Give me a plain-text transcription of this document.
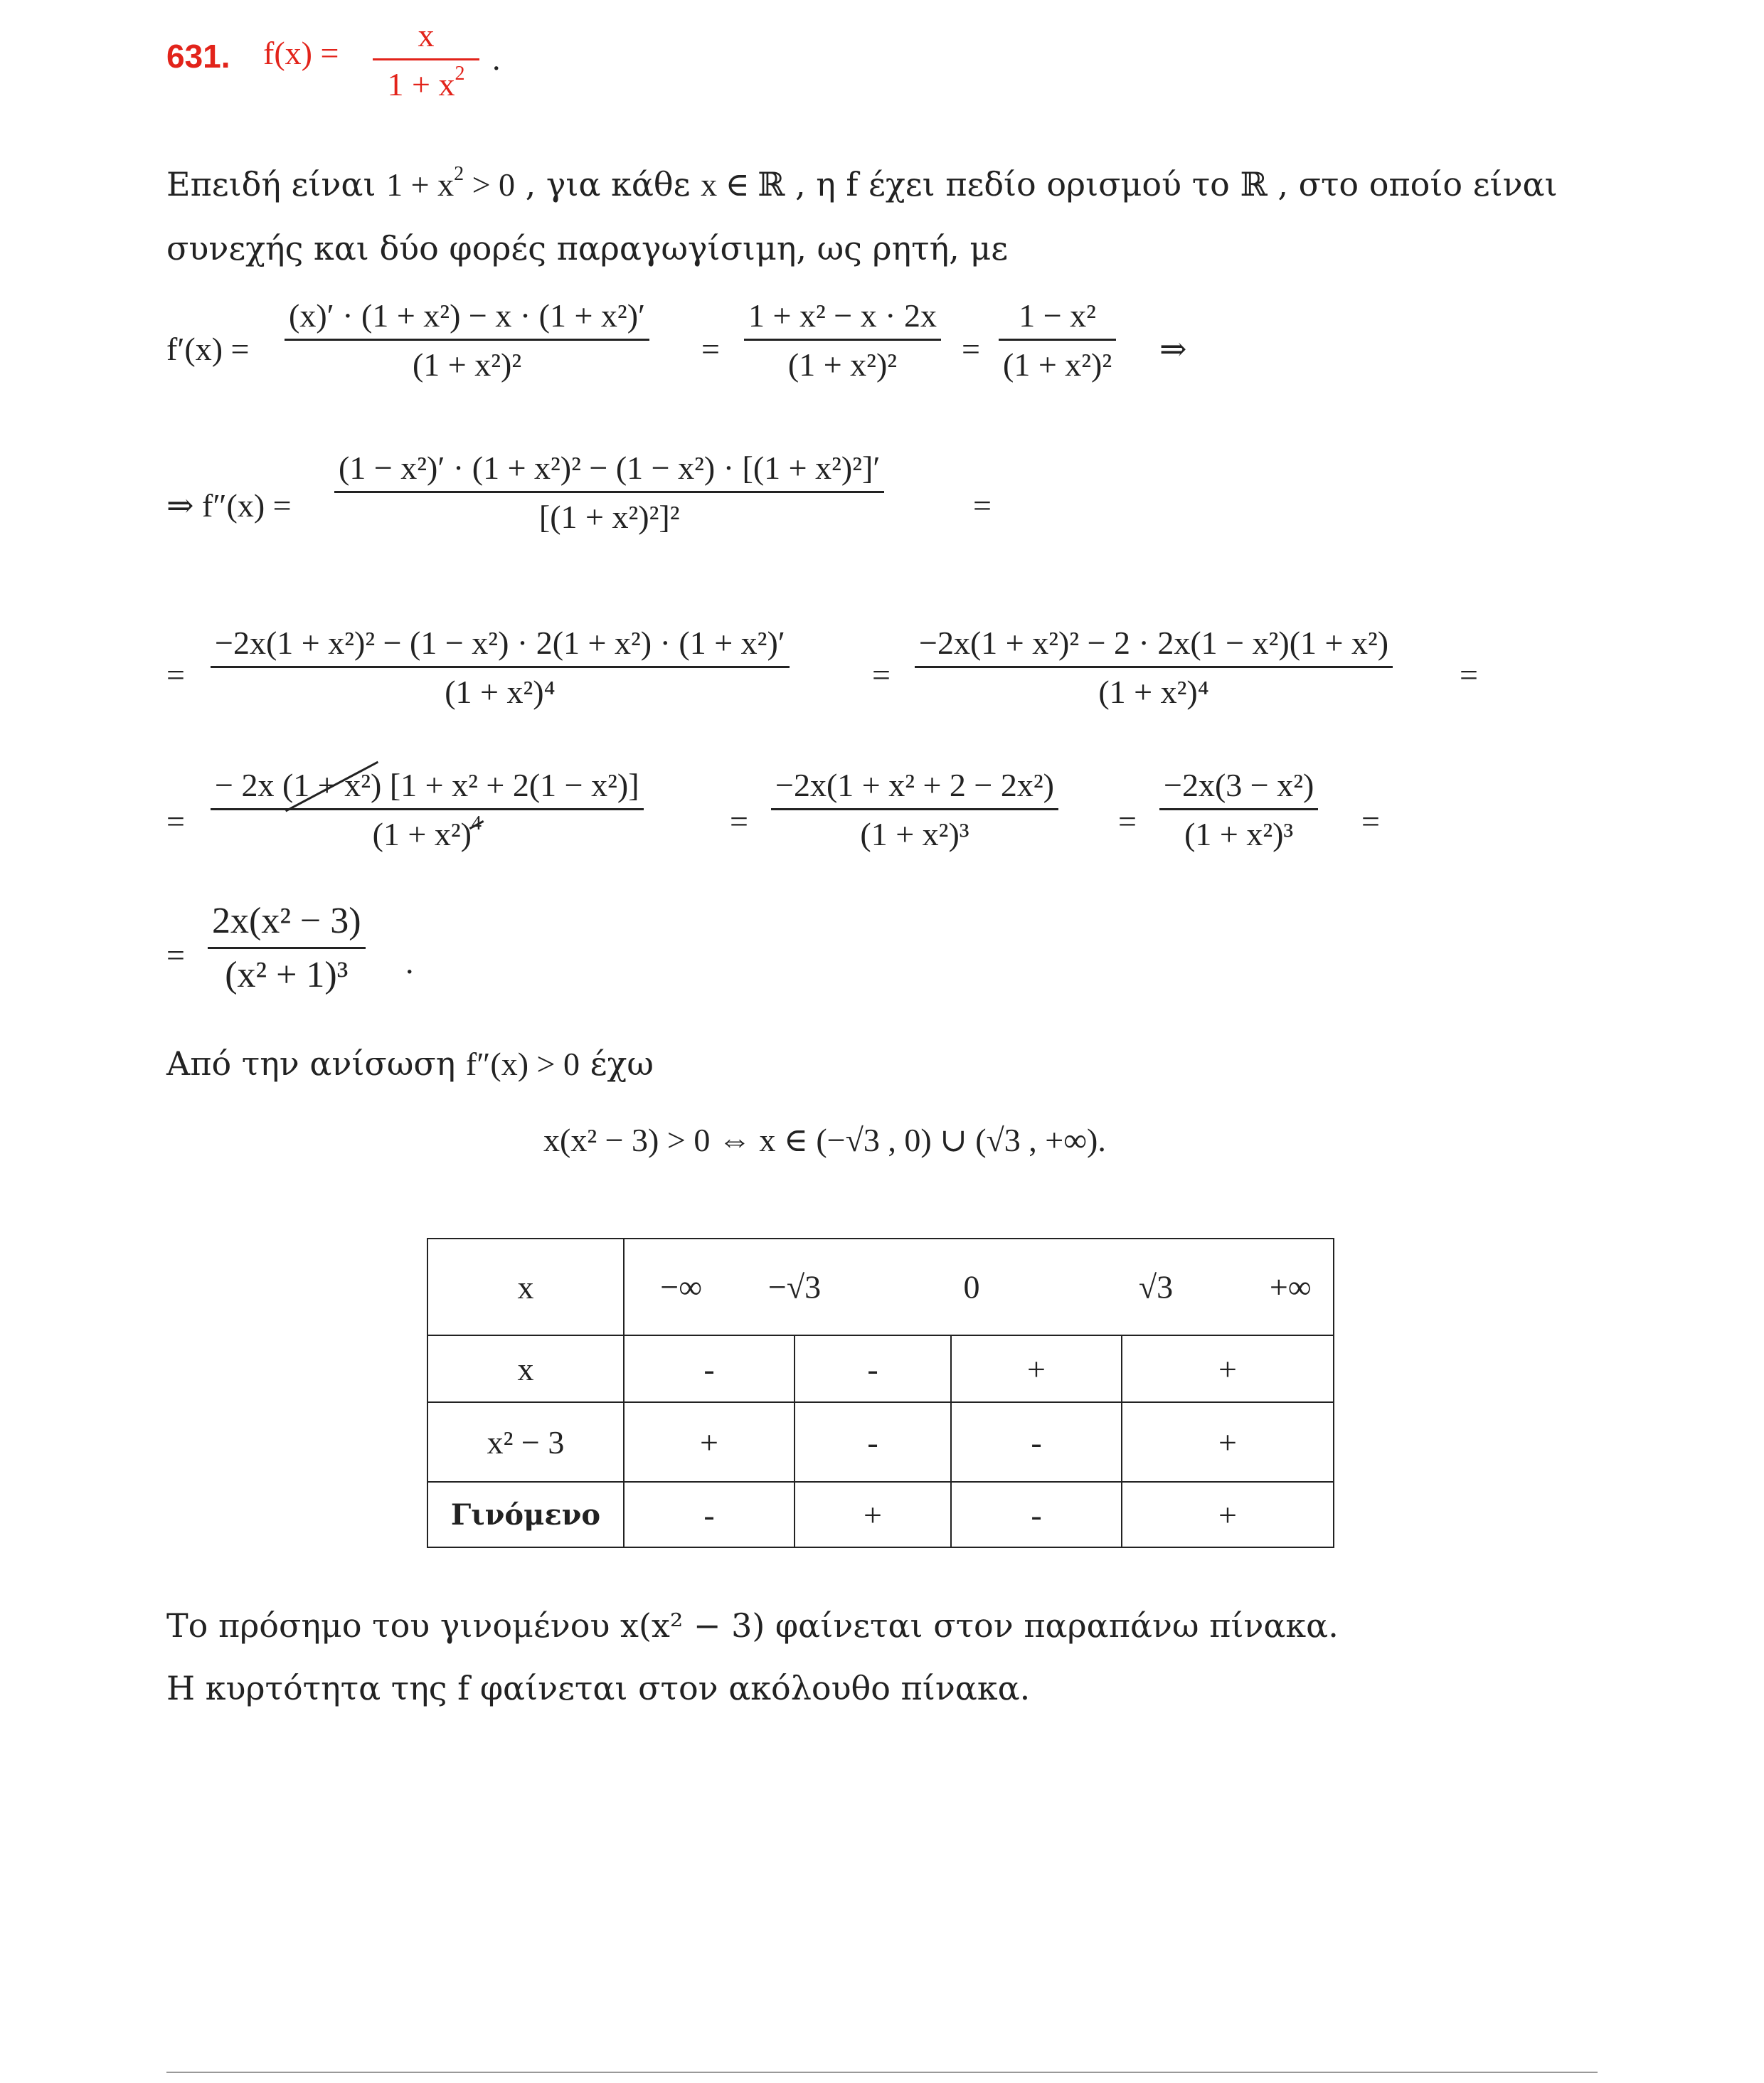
631. f(x) = x
$1 + x^2$ .
Επειδή είναι $1 + x^2 > 0$ , για κάθε x ∈ ℝ , η f έχει πεδίο ορισμού το ℝ , στο οποίο είναι
συνεχής και δύο φορές παραγωγίσιμη, ως ρητή, με
f′(x) =
(x)′ · (1 + x²) − x · (1 + x²)′
(1 + x²)²	=
1 + x² − x · 2x
(1 + x²)² =
1 − x²
(1 + x²)² ⇒
⇒ f″(x) =
(1 − x²)′ · (1 + x²)² − (1 − x²) · [(1 + x²)²]′
[(1 + x²)²]²	=
=
−2x(1 + x²)² − (1 − x²) · 2(1 + x²) · (1 + x²)′
(1 + x²)⁴	=
−2x(1 + x²)² − 2 · 2x(1 − x²)(1 + x²)
(1 + x²)⁴	=
=
− 2x (1 + x²) [1 + x² + 2(1 − x²)]
$(1 + x^2)^4$	=
−2x(1 + x² + 2 − 2x²)
(1 + x²)³	=
−2x(3 − x²)
(1 + x²)³ =
=
2x(x² − 3)
(x² + 1)³ .
Από την ανίσωση f″(x) > 0 έχω
x(x² − 3) > 0 ⇔ x ∈ (−√3 , 0) ∪ (√3 , +∞).
x	−∞ −√3 0 √3 +∞			

x	-	-	+	+
x² − 3	+	-	-	+
Γινόμενο	-	+	-	+
Το πρόσημο του γινομένου x(x² − 3) φαίνεται στον παραπάνω πίνακα.
Η κυρτότητα της f φαίνεται στον ακόλουθο πίνακα.
